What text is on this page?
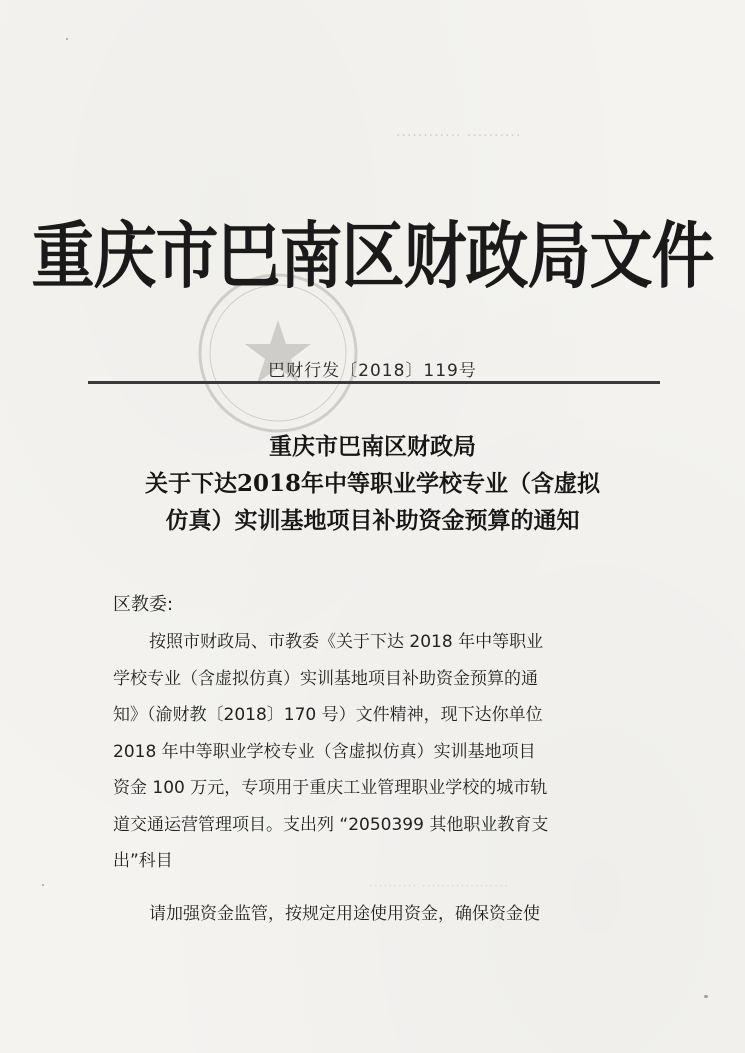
·········· ············
·················· ··········
重庆市巴南区财政局文件
巴财行发〔2018〕119号
重庆市巴南区财政局
关于下达2018年中等职业学校专业（含虚拟
仿真）实训基地项目补助资金预算的通知
区教委:
按照市财政局、市教委《关于下达 2018 年中等职业
学校专业（含虚拟仿真）实训基地项目补助资金预算的通
知》（渝财教〔2018〕170 号）文件精神，现下达你单位
2018 年中等职业学校专业（含虚拟仿真）实训基地项目
资金 100 万元，专项用于重庆工业管理职业学校的城市轨
道交通运营管理项目。支出列 “2050399 其他职业教育支
出”科目
请加强资金监管，按规定用途使用资金，确保资金使
